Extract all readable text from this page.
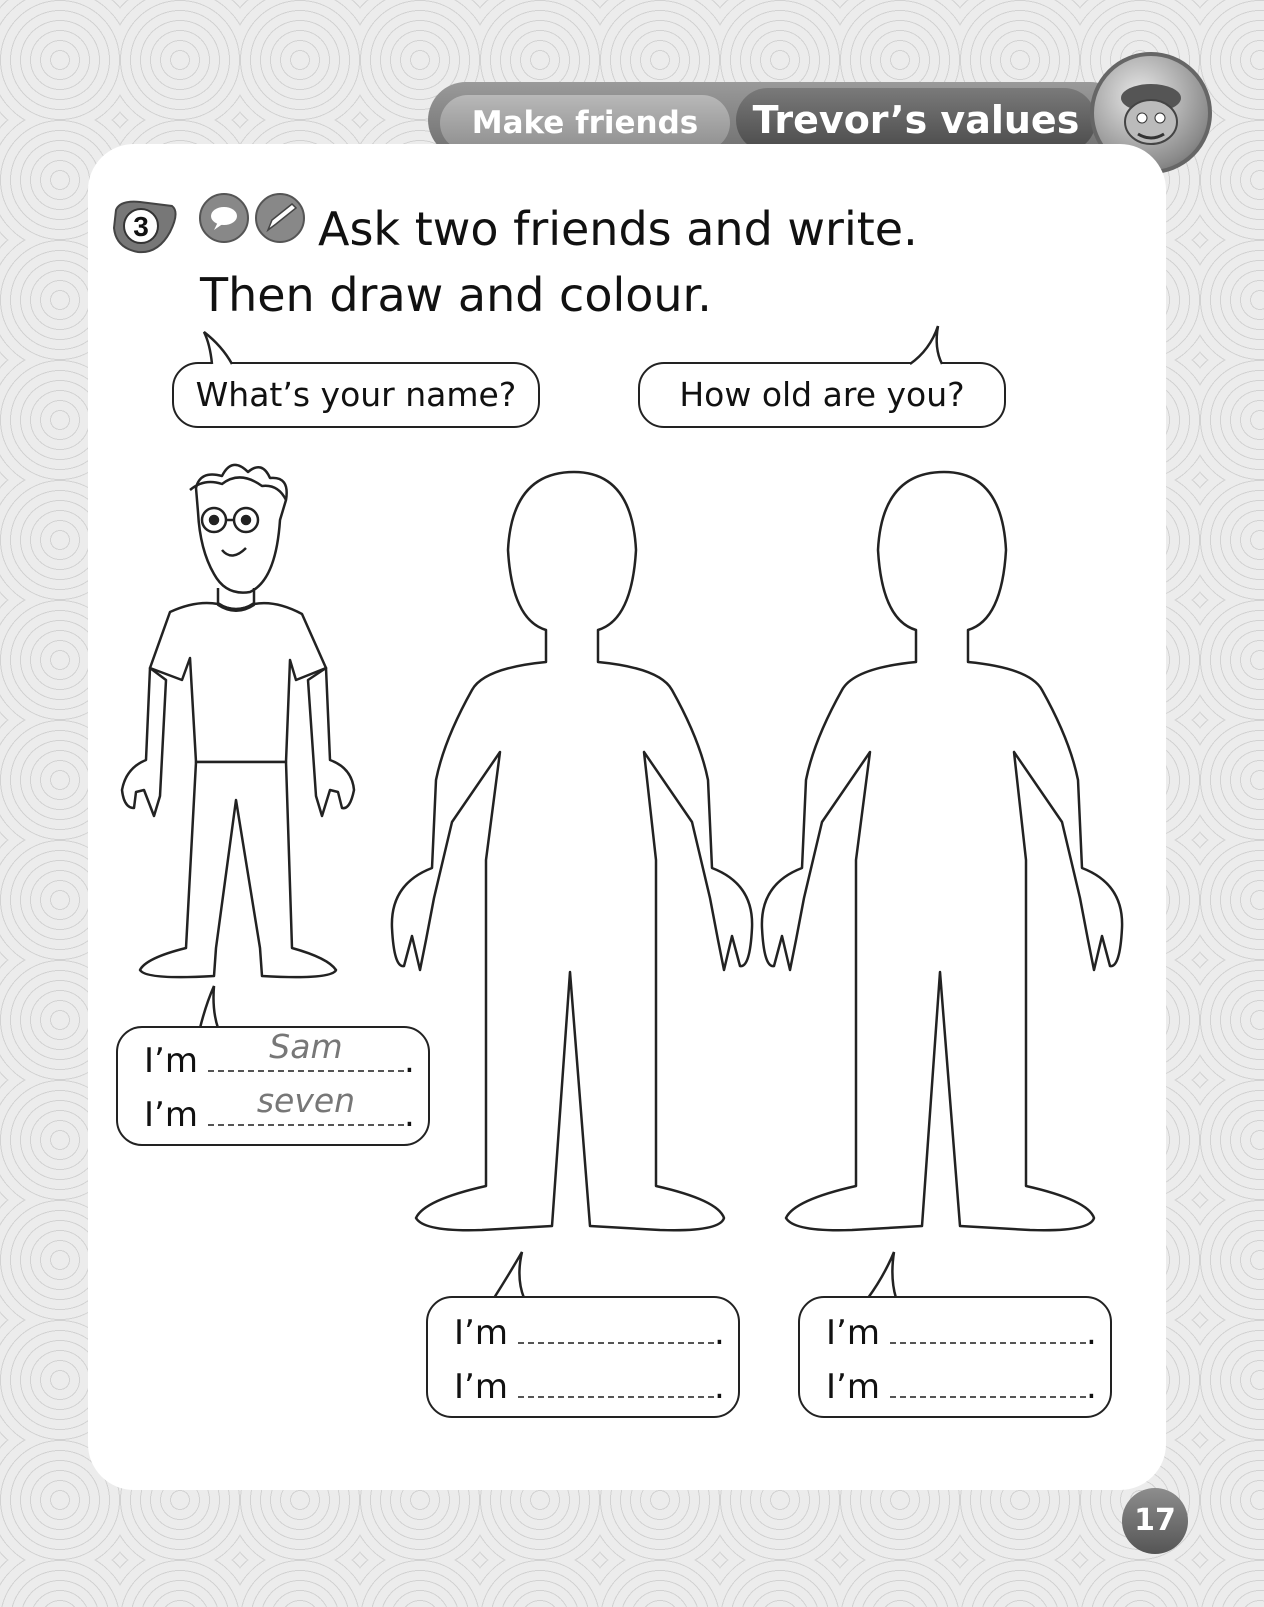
Make friends	Trevor’s values
3	Ask two friends and write.
Then draw and colour.
What’s your name?	How old are you?
I’m	Sam	.
I’m	seven	.
I’m	.
I’m	.
I’m	.
I’m	.
17
